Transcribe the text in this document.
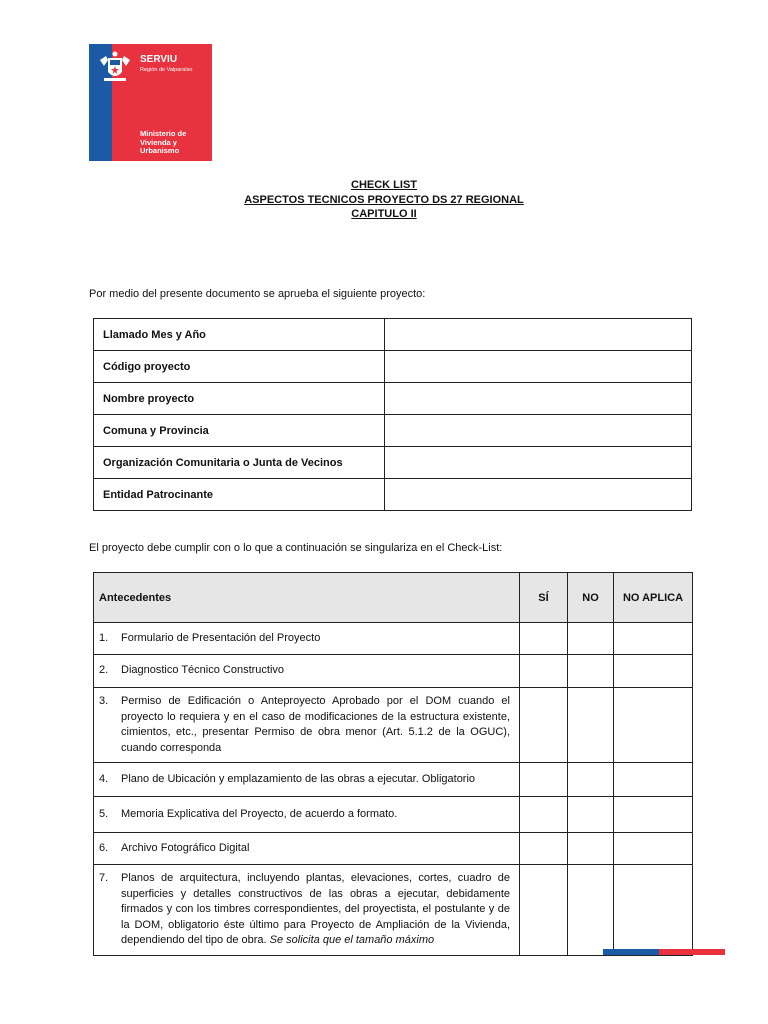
SERVIU
Región de Valparaíso
Ministerio de
Vivienda y
Urbanismo
CHECK LIST
ASPECTOS TECNICOS PROYECTO DS 27 REGIONAL
CAPITULO II
Por medio del presente documento se aprueba el siguiente proyecto:
Llamado Mes y Año	
Código proyecto	
Nombre proyecto	
Comuna y Provincia	
Organización Comunitaria o Junta de Vecinos	
Entidad Patrocinante	
El proyecto debe cumplir con o lo que a continuación se singulariza en el Check-List:
Antecedentes	SÍ	NO	NO APLICA

1. Formulario de Presentación del Proyecto			

2. Diagnostico Técnico Constructivo			

3. Permiso de Edificación o Anteproyecto Aprobado por el DOM cuando el proyecto lo requiera y en el caso de modificaciones de la estructura existente, cimientos, etc., presentar Permiso de obra menor (Art. 5.1.2 de la OGUC), cuando corresponda			

4. Plano de Ubicación y emplazamiento de las obras a ejecutar. Obligatorio			

5. Memoria Explicativa del Proyecto, de acuerdo a formato.			

6. Archivo Fotográfico Digital			

7. Planos de arquitectura, incluyendo plantas, elevaciones, cortes, cuadro de superficies y detalles constructivos de las obras a ejecutar, debidamente firmados y con los timbres correspondientes, del proyectista, el postulante y de la DOM, obligatorio éste último para Proyecto de Ampliación de la Vivienda, dependiendo del tipo de obra. Se solicita que el tamaño máximo			
